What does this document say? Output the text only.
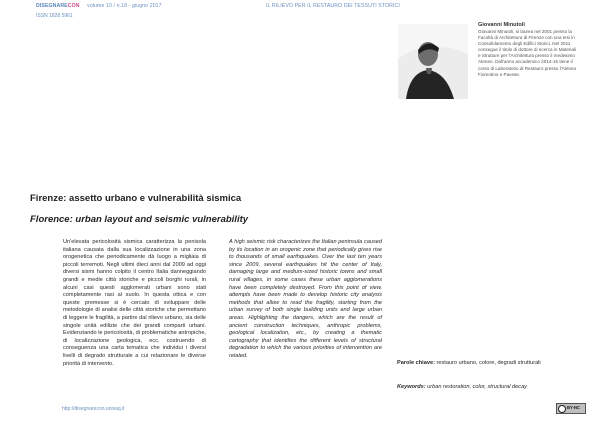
DISEGNARECON volume 10 / n.18 - giugno 2017	IL RILIEVO PER IL RESTAURO DEI TESSUTI STORICI
ISSN 1828 5961
Giovanni Minutoli
Giovanni Minutoli, si laurea nel 2001 presso la Facoltà di Architettura di Firenze con una tesi in Consolidamento degli Edifici Storici. Nel 2011 consegue il titolo di dottore di ricerca in Materiali e Strutture per l'Architettura presso il medesimo Ateneo. Dall'anno accademico 2014-15 tiene il corso di Laboratorio di Restauro presso l'Ateneo Fiorentino e Pavese.
Firenze: assetto urbano e vulnerabilità sismica
Florence: urban layout and seismic vulnerability
Un'elevata pericolosità sismica caratterizza la penisola italiana causata dalla sua localizzazione in una zona orogenetica che periodicamente dà luogo a migliaia di piccoli terremoti. Negli ultimi dieci anni dal 2009 ad oggi diversi sismi hanno colpito il centro Italia danneggiando grandi e medie città storiche e piccoli borghi rurali, in alcuni casi questi agglomerati urbani sono stati completamente rasi al suolo. In questa ottica e con queste premesse si è cercato di sviluppare delle metodologie di analisi delle città storiche che permettano di leggere le fragilità, a partire dal rilievo urbano, sia delle singole unità edilizie che dei grandi comparti urbani. Evidenziando le pericolosità, di problematiche antropiche, di localizzazione geologica, ecc. costruendo di conseguenza una carta tematica che individui i diversi livelli di degrado strutturale a cui relazionare le diverse priorità di intervento.
A high seismic risk characterizes the Italian peninsula caused by its location in an orogenic zone that periodically gives rise to thousands of small earthquakes. Over the last ten years since 2009, several earthquakes hit the center of Italy, damaging large and medium-sized historic towns and small rural villages, in some cases these urban agglomerations have been completely destroyed. From this point of view, attempts have been made to develop historic city analysis methods that allow to read the fragility, starting from the urban survey of both single building units and large urban areas. Highlighting the dangers, which are the result of ancient construction techniques, anthropic problems, geological localization, etc., by creating a thematic cartography that identifies the different levels of structural degradation to which the various priorities of intervention are related.
Parole chiave: restauro urbano, colore, degradi strutturali
Keywords: urban restoration, color, structural decay
http://disegnarecon.univaq.it	BY-NC
